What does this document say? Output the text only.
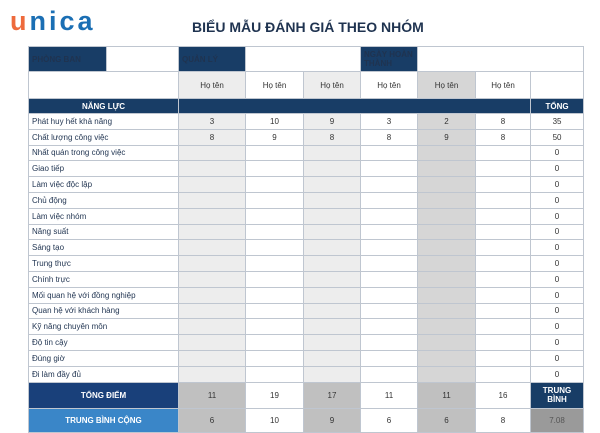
unica	BIỂU MẪU ĐÁNH GIÁ THEO NHÓM
PHÒNG BAN		QUẢN LÝ			NGÀY HOÀN THÀNH			
		Họ tên	Họ tên	Họ tên	Họ tên	Họ tên	Họ tên	
NĂNG LỰC								TỔNG
Phát huy hết khả năng		3	10	9	3	2	8	35
Chất lượng công việc		8	9	8	8	9	8	50
Nhất quán trong công việc								0
Giao tiếp								0
Làm việc độc lập								0
Chủ động								0
Làm việc nhóm								0
Năng suất								0
Sáng tạo								0
Trung thực								0
Chính trực								0
Mối quan hệ với đồng nghiệp								0
Quan hệ với khách hàng								0
Kỹ năng chuyên môn								0
Độ tin cậy								0
Đúng giờ								0
Đi làm đầy đủ								0
TỔNG ĐIỂM		11	19	17	11	11	16	TRUNG BÌNH
TRUNG BÌNH CỘNG		6	10	9	6	6	8	7.08
